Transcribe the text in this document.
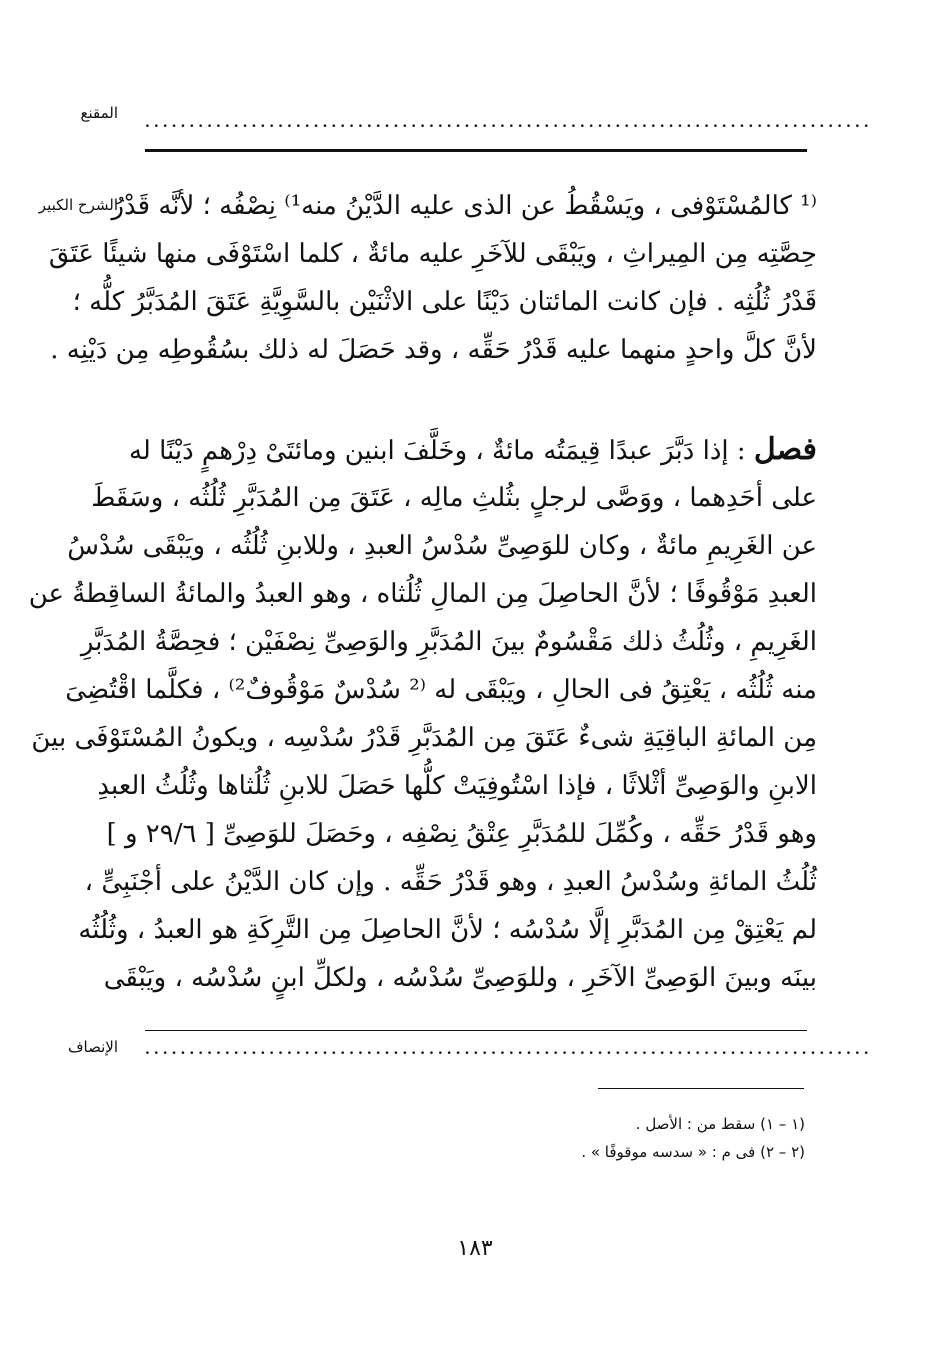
المقنع
..................................................................................
الشرح الكبير
⁽¹ كالمُسْتَوْفى ، ويَسْقُطُ عن الذى عليه الدَّيْنُ منه¹⁾ نِصْفُه ؛ لأنَّه قَدْرُ
حِصَّتِه مِن المِيراثِ ، ويَبْقَى للآخَرِ عليه مائةٌ ، كلما اسْتَوْفَى منها شيئًا عَتَقَ
قَدْرُ ثُلُثِه . فإن كانت المائتان دَيْنًا على الاثْنَيْن بالسَّوِيَّةِ عَتَقَ المُدَبَّرُ كلُّه ؛
لأنَّ كلَّ واحدٍ منهما عليه قَدْرُ حَقِّه ، وقد حَصَلَ له ذلك بسُقُوطِه مِن دَيْنِه .
فصل : إذا دَبَّرَ عبدًا قِيمَتُه مائةٌ ، وخَلَّفَ ابنين ومائتَىْ دِرْهمٍ دَيْنًا له
على أحَدِهما ، ووَصَّى لرجلٍ بثُلثِ مالِه ، عَتَقَ مِن المُدَبَّرِ ثُلُثُه ، وسَقَطَ
عن الغَرِيمِ مائةٌ ، وكان للوَصِىِّ سُدْسُ العبدِ ، وللابنِ ثُلُثُه ، ويَبْقَى سُدْسُ
العبدِ مَوْقُوفًا ؛ لأنَّ الحاصِلَ مِن المالِ ثُلُثاه ، وهو العبدُ والمائةُ الساقِطةُ عن
الغَرِيمِ ، وثُلُثُ ذلك مَقْسُومٌ بينَ المُدَبَّرِ والوَصِىِّ نِصْفَيْن ؛ فحِصَّةُ المُدَبَّرِ
منه ثُلُثُه ، يَعْتِقُ فى الحالِ ، ويَبْقَى له ⁽² سُدْسٌ مَوْقُوفٌ²⁾ ، فكلَّما اقْتُضِىَ
مِن المائةِ الباقِيَةِ شىءٌ عَتَقَ مِن المُدَبَّرِ قَدْرُ سُدْسِه ، ويكونُ المُسْتَوْفَى بينَ
الابنِ والوَصِىِّ أثْلاثًا ، فإذا اسْتُوفِيَتْ كلُّها حَصَلَ للابنِ ثُلُثاها وثُلُثُ العبدِ
وهو قَدْرُ حَقِّه ، وكُمِّلَ للمُدَبَّرِ عِتْقُ نِصْفِه ، وحَصَلَ للوَصِىِّ [ ٢٩/٦ و ]
ثُلُثُ المائةِ وسُدْسُ العبدِ ، وهو قَدْرُ حَقِّه . وإن كان الدَّيْنُ على أجْنَبِىٍّ ،
لم يَعْتِقْ مِن المُدَبَّرِ إلَّا سُدْسُه ؛ لأنَّ الحاصِلَ مِن التَّرِكَةِ هو العبدُ ، وثُلُثُه
بينَه وبينَ الوَصِىِّ الآخَرِ ، وللوَصِىِّ سُدْسُه ، ولكلِّ ابنٍ سُدْسُه ، ويَبْقَى
الإنصاف ..................................................................................
(١ – ١) سقط من : الأصل .
(٢ – ٢) فى م : « سدسه موقوفًا » .
١٨٣
